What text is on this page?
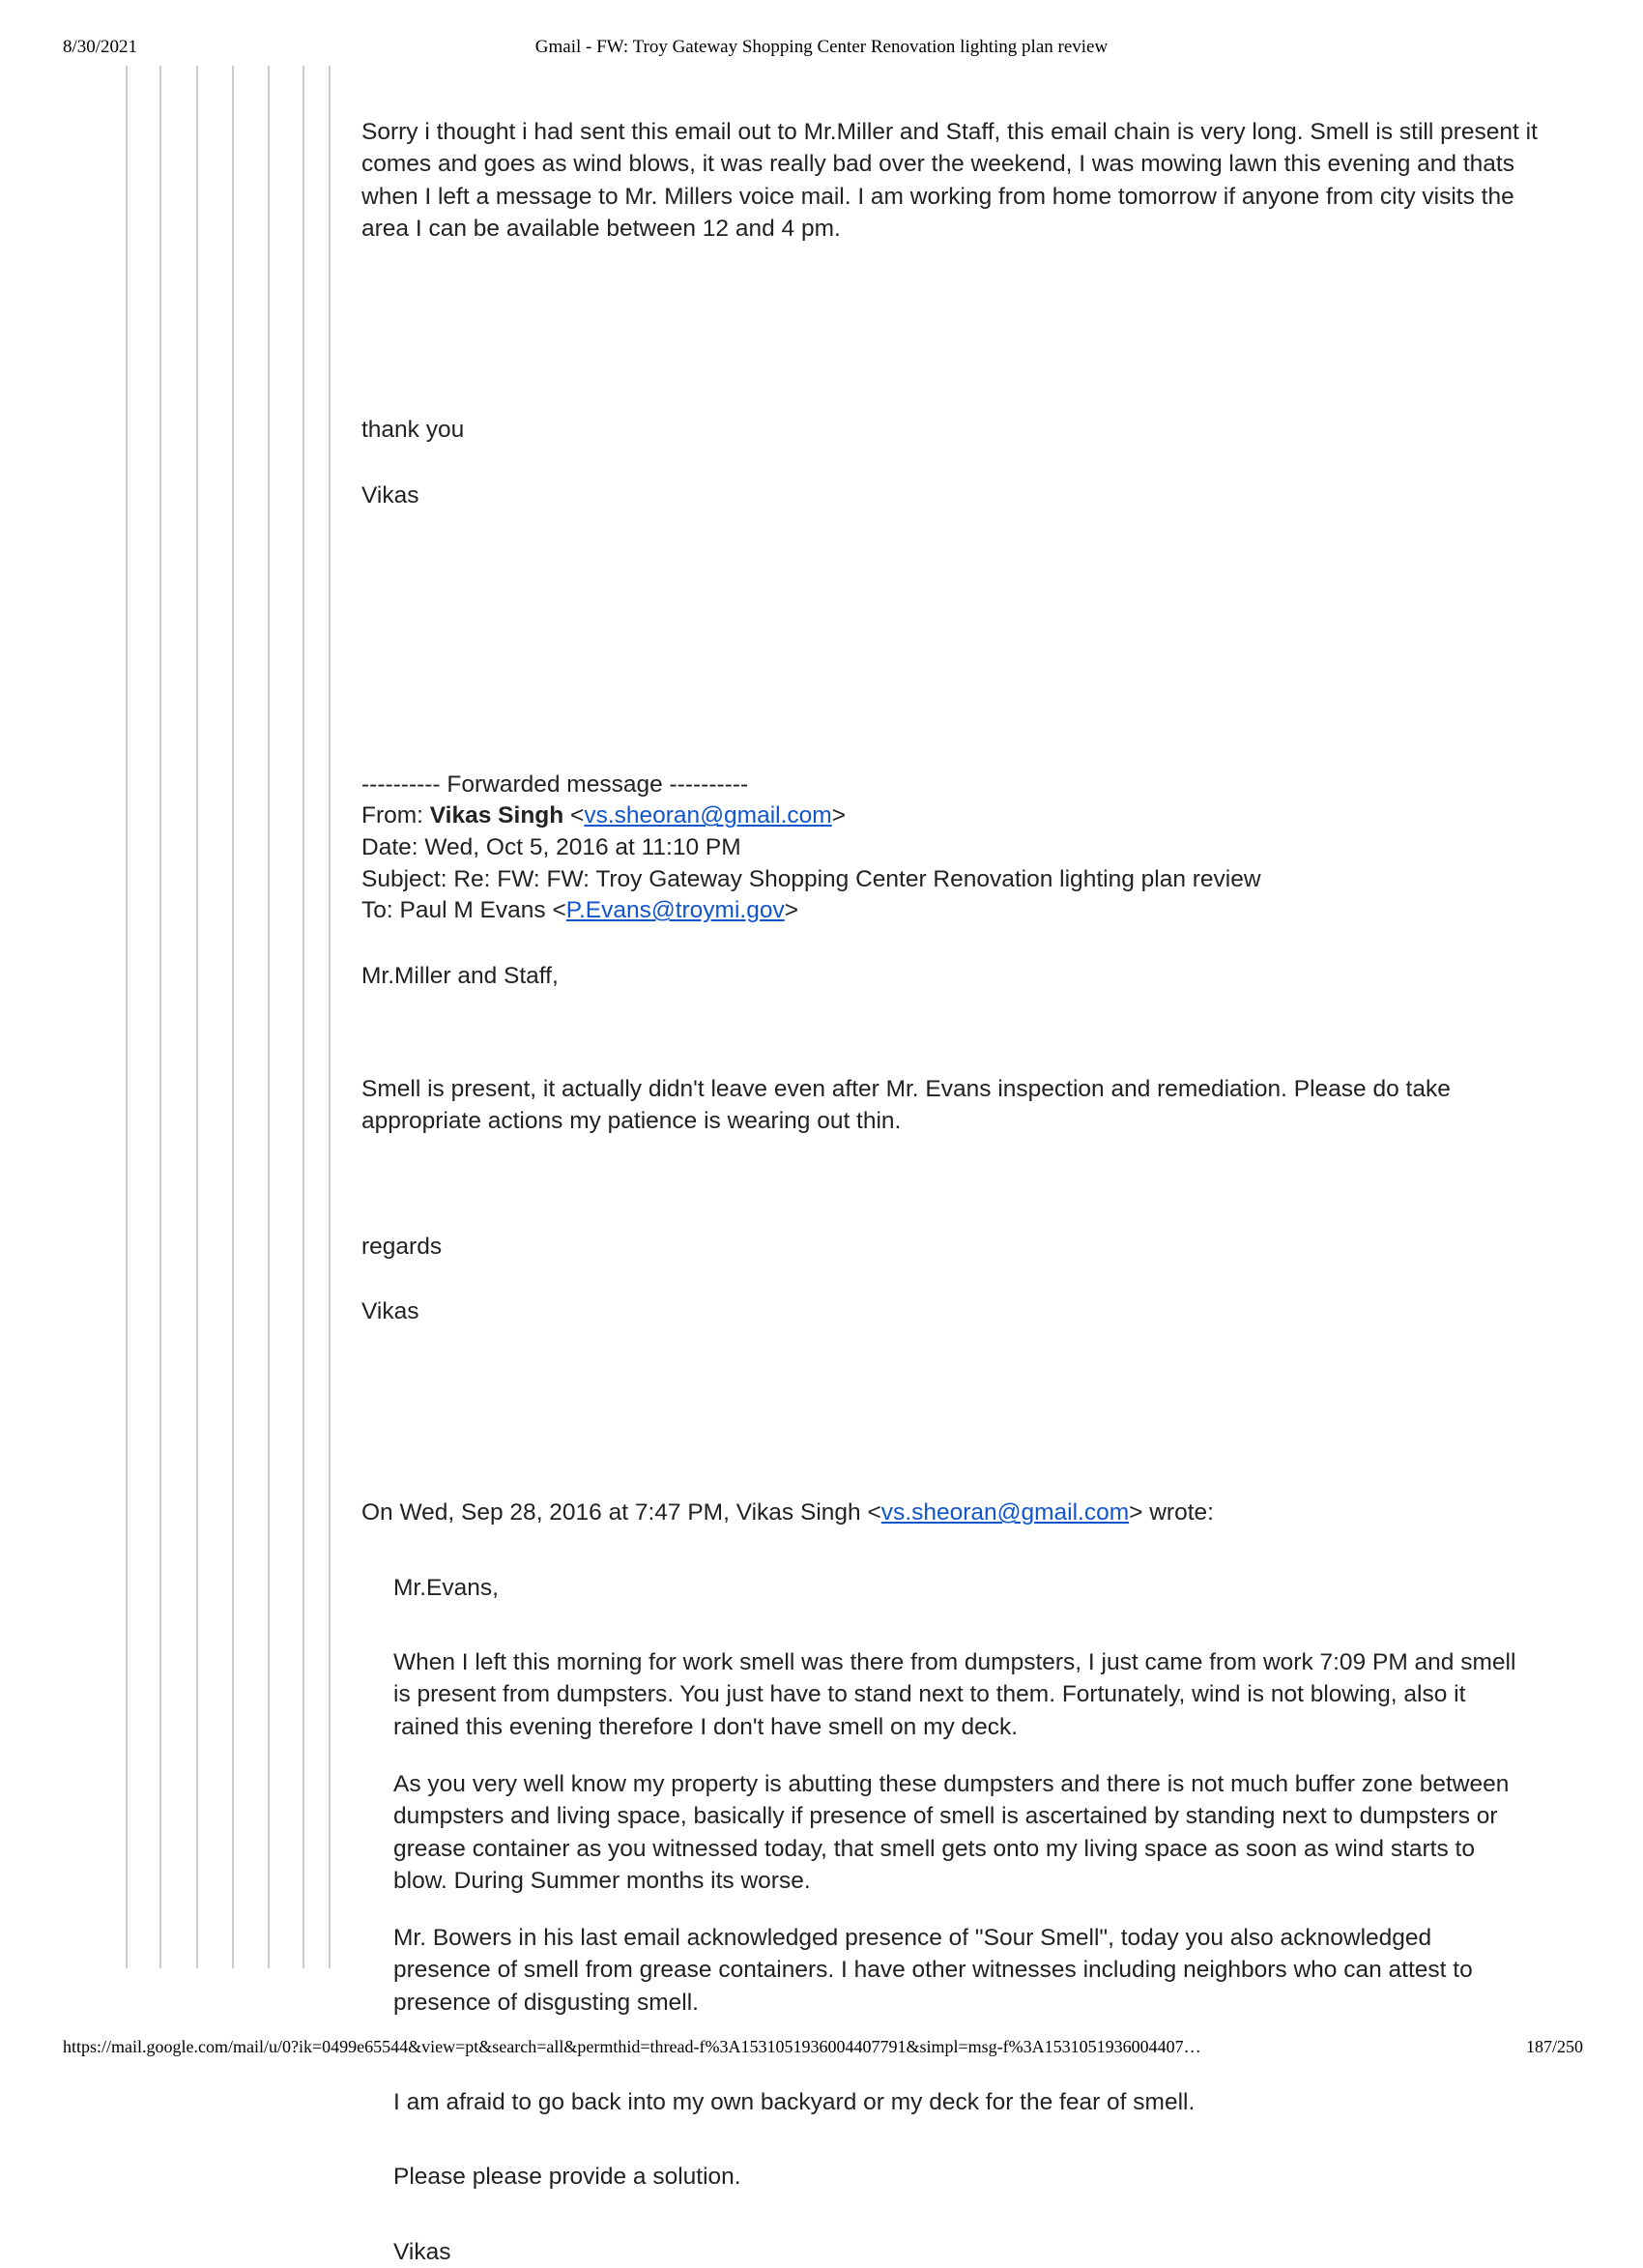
8/30/2021	Gmail - FW: Troy Gateway Shopping Center Renovation lighting plan review

Sorry i thought i had sent this email out to Mr.Miller and Staff, this email chain is very long. Smell is still present it comes and goes as wind blows, it was really bad over the weekend, I was mowing lawn this evening and thats when I left a message to Mr. Millers voice mail. I am working from home tomorrow if anyone from city visits the area I can be available between 12 and 4 pm.

thank you

Vikas

---------- Forwarded message ----------

From: Vikas Singh <vs.sheoran@gmail.com>

Date: Wed, Oct 5, 2016 at 11:10 PM

Subject: Re: FW: FW: Troy Gateway Shopping Center Renovation lighting plan review

To: Paul M Evans <P.Evans@troymi.gov>

Mr.Miller and Staff,

Smell is present, it actually didn't leave even after Mr. Evans inspection and remediation. Please do take appropriate actions my patience is wearing out thin.

regards

Vikas

On Wed, Sep 28, 2016 at 7:47 PM, Vikas Singh <vs.sheoran@gmail.com> wrote:

Mr.Evans,

When I left this morning for work smell was there from dumpsters, I just came from work 7:09 PM and smell is present from dumpsters. You just have to stand next to them. Fortunately, wind is not blowing, also it rained this evening therefore I don't have smell on my deck.

As you very well know my property is abutting these dumpsters and there is not much buffer zone between dumpsters and living space, basically if presence of smell is ascertained by standing next to dumpsters or grease container as you witnessed today, that smell gets onto my living space as soon as wind starts to blow. During Summer months its worse.

Mr. Bowers in his last email acknowledged presence of "Sour Smell", today you also acknowledged presence of smell from grease containers. I have other witnesses including neighbors who can attest to presence of disgusting smell.

I am afraid to go back into my own backyard or my deck for the fear of smell.

Please please provide a solution.

Vikas

https://mail.google.com/mail/u/0?ik=0499e65544&view=pt&search=all&permthid=thread-f%3A1531051936004407791&simpl=msg-f%3A1531051936004407…	187/250
